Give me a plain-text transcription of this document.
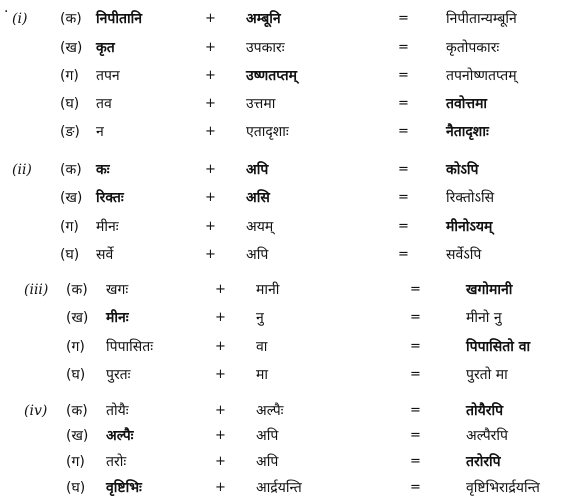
· (i) (क) निपीतानि	+ अम्बूनि	=	निपीतान्यम्बूनि
(ख) कृत	+ उपकारः	=	कृतोपकारः
(ग) तपन	+ उष्णतप्तम्	=	तपनोष्णतप्तम्
(घ) तव	+ उत्तमा	=	तवोत्तमा
(ङ) न	+ एतादृशाः	=	नैतादृशाः
(ii) (क) कः	+ अपि	=	कोऽपि
(ख) रिक्तः	+ असि	=	रिक्तोऽसि
(ग) मीनः	+ अयम्	=	मीनोऽयम्
(घ) सर्वे	+ अपि	=	सर्वेऽपि
(iii) (क) खगः	+ मानी	=	खगोमानी
(ख) मीनः	+ नु	=	मीनो नु
(ग) पिपासितः	+ वा	=	पिपासितो वा
(घ) पुरतः	+ मा	=	पुरतो मा
(iv) (क) तोयैः	+ अल्पैः	=	तोयैरपि
(ख) अल्पैः	+ अपि	=	अल्पैरपि
(ग) तरोः	+ अपि	=	तरोरपि
(घ) वृष्टिभिः	+ आर्द्रयन्ति	=	वृष्टिभिरार्द्रयन्ति
